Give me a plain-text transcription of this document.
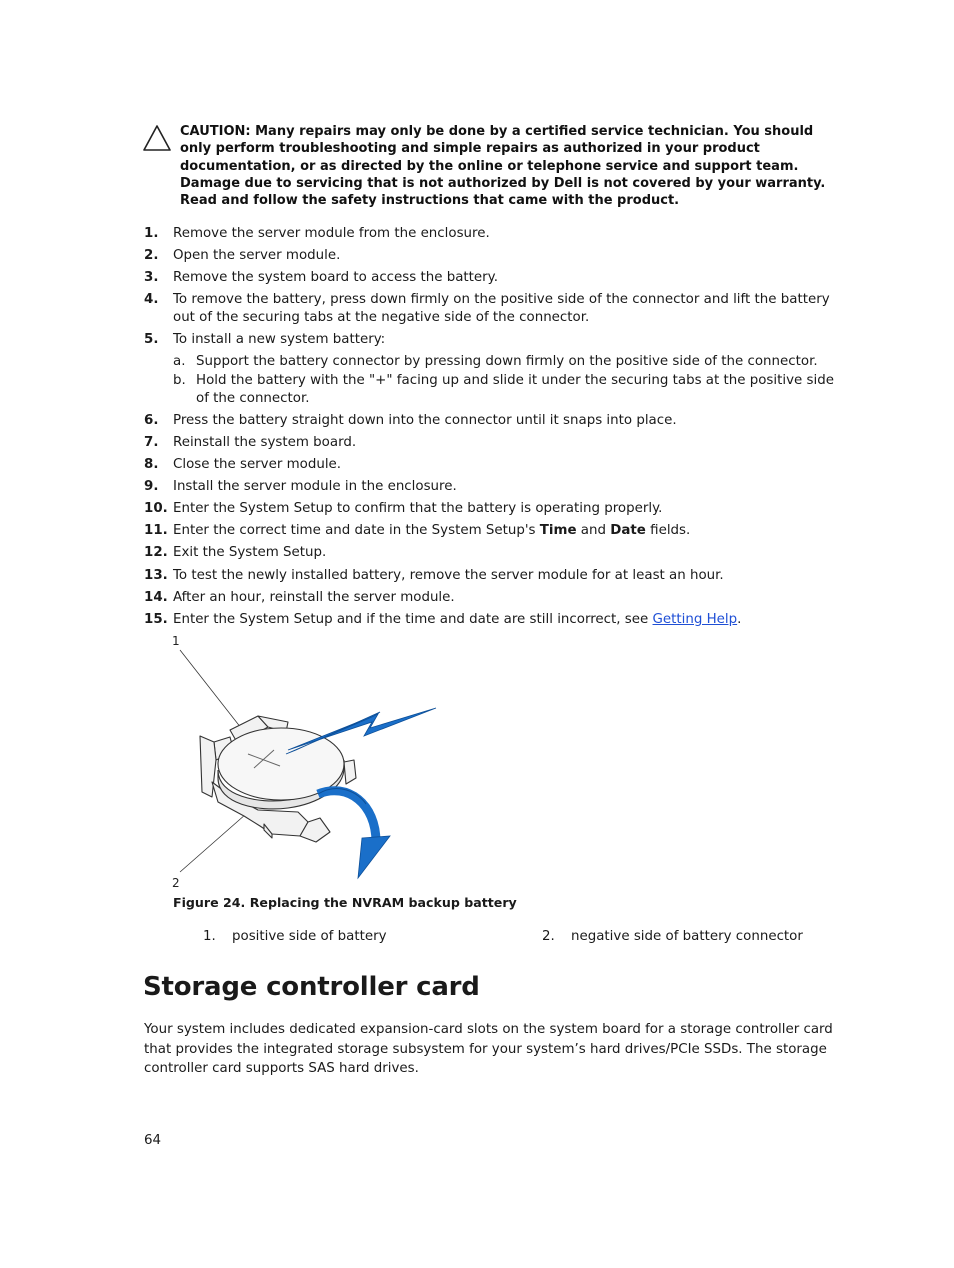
CAUTION: Many repairs may only be done by a certified service technician. You should only perform troubleshooting and simple repairs as authorized in your product documentation, or as directed by the online or telephone service and support team. Damage due to servicing that is not authorized by Dell is not covered by your warranty. Read and follow the safety instructions that came with the product.
1. Remove the server module from the enclosure.
2. Open the server module.
3. Remove the system board to access the battery.
4. To remove the battery, press down firmly on the positive side of the connector and lift the battery out of the securing tabs at the negative side of the connector.
5. To install a new system battery:
a. Support the battery connector by pressing down firmly on the positive side of the connector.
b. Hold the battery with the "+" facing up and slide it under the securing tabs at the positive side of the connector.
6. Press the battery straight down into the connector until it snaps into place.
7. Reinstall the system board.
8. Close the server module.
9. Install the server module in the enclosure.
10. Enter the System Setup to confirm that the battery is operating properly.
11. Enter the correct time and date in the System Setup's Time and Date fields.
12. Exit the System Setup.
13. To test the newly installed battery, remove the server module for at least an hour.
14. After an hour, reinstall the server module.
15. Enter the System Setup and if the time and date are still incorrect, see Getting Help.
1
2
Figure 24. Replacing the NVRAM backup battery
1. positive side of battery	2. negative side of battery connector
Storage controller card
Your system includes dedicated expansion-card slots on the system board for a storage controller card that provides the integrated storage subsystem for your system’s hard drives/PCIe SSDs. The storage controller card supports SAS hard drives.
64
